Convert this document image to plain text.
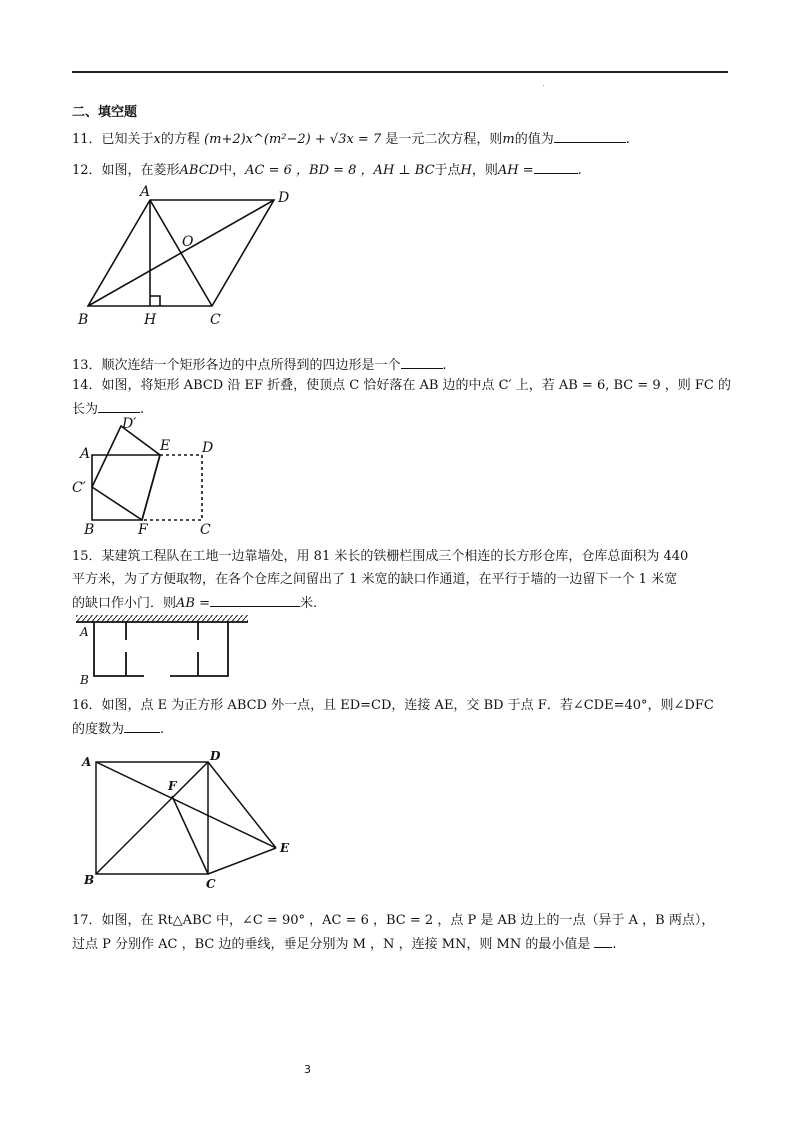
二、填空题
11．已知关于x的方程 (m+2)x^(m²−2) + √3x = 7 是一元二次方程，则m的值为	.
12．如图，在菱形ABCD中，AC = 6 ，BD = 8 ，AH ⊥ BC于点H，则AH =	.
A	D
B	H	C
O
13．顺次连结一个矩形各边的中点所得到的四边形是一个	.
14．如图，将矩形 ABCD 沿 EF 折叠，使顶点 C 恰好落在 AB 边的中点 C′ 上，若 AB = 6, BC = 9 ，则 FC 的
长为	.
D′
E D
A
C′
B	F	C
15．某建筑工程队在工地一边靠墙处，用 81 米长的铁栅栏围成三个相连的长方形仓库，仓库总面积为 440
平方米，为了方便取物，在各个仓库之间留出了 1 米宽的缺口作通道，在平行于墙的一边留下一个 1 米宽
的缺口作小门．则AB =	米.
A
B
16．如图，点 E 为正方形 ABCD 外一点，且 ED=CD，连接 AE，交 BD 于点 F．若∠CDE=40°，则∠DFC
的度数为	.
A	D
F
E
B	C
17．如图，在 Rt△ABC 中，∠C = 90° ，AC = 6 ，BC = 2 ，点 P 是 AB 边上的一点（异于 A ，B 两点），
过点 P 分别作 AC ，BC 边的垂线，垂足分别为 M ，N ，连接 MN，则 MN 的最小值是 .
3
